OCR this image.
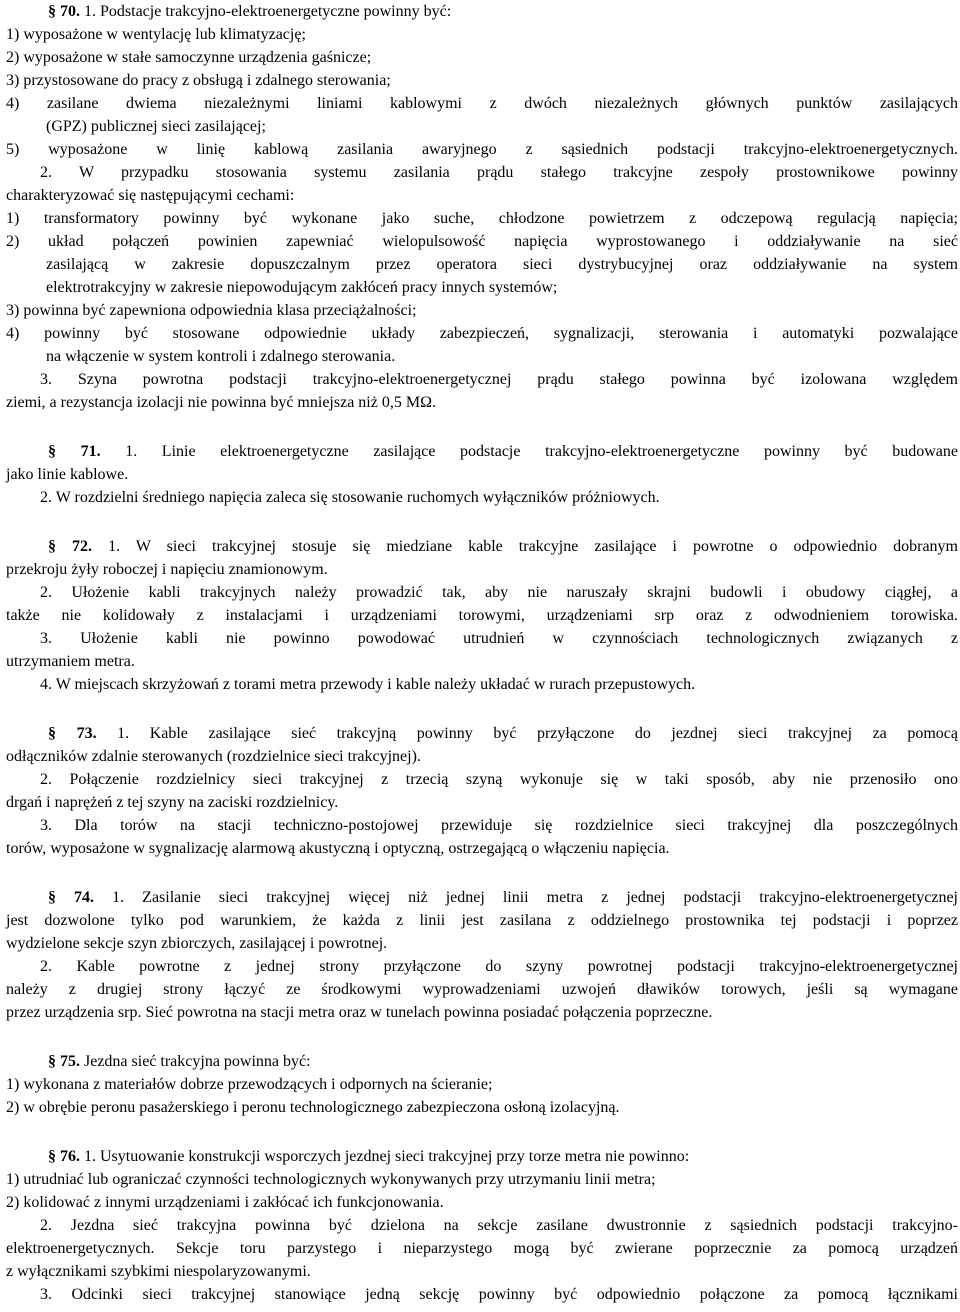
§ 70. 1. Podstacje trakcyjno-elektroenergetyczne powinny być:
1) wyposażone w wentylację lub klimatyzację;
2) wyposażone w stałe samoczynne urządzenia gaśnicze;
3) przystosowane do pracy z obsługą i zdalnego sterowania;
4) zasilane dwiema niezależnymi liniami kablowymi z dwóch niezależnych głównych punktów zasilających
(GPZ) publicznej sieci zasilającej;
5) wyposażone w linię kablową zasilania awaryjnego z sąsiednich podstacji trakcyjno-elektroenergetycznych.
2. W przypadku stosowania systemu zasilania prądu stałego trakcyjne zespoły prostownikowe powinny
charakteryzować się następującymi cechami:
1) transformatory powinny być wykonane jako suche, chłodzone powietrzem z odczepową regulacją napięcia;
2) układ połączeń powinien zapewniać wielopulsowość napięcia wyprostowanego i oddziaływanie na sieć
zasilającą w zakresie dopuszczalnym przez operatora sieci dystrybucyjnej oraz oddziaływanie na system
elektrotrakcyjny w zakresie niepowodującym zakłóceń pracy innych systemów;
3) powinna być zapewniona odpowiednia klasa przeciążalności;
4) powinny być stosowane odpowiednie układy zabezpieczeń, sygnalizacji, sterowania i automatyki pozwalające
na włączenie w system kontroli i zdalnego sterowania.
3. Szyna powrotna podstacji trakcyjno-elektroenergetycznej prądu stałego powinna być izolowana względem
ziemi, a rezystancja izolacji nie powinna być mniejsza niż 0,5 MΩ.
§ 71. 1. Linie elektroenergetyczne zasilające podstacje trakcyjno-elektroenergetyczne powinny być budowane
jako linie kablowe.
2. W rozdzielni średniego napięcia zaleca się stosowanie ruchomych wyłączników próżniowych.
§ 72. 1. W sieci trakcyjnej stosuje się miedziane kable trakcyjne zasilające i powrotne o odpowiednio dobranym
przekroju żyły roboczej i napięciu znamionowym.
2. Ułożenie kabli trakcyjnych należy prowadzić tak, aby nie naruszały skrajni budowli i obudowy ciągłej, a
także nie kolidowały z instalacjami i urządzeniami torowymi, urządzeniami srp oraz z odwodnieniem torowiska.
3. Ułożenie kabli nie powinno powodować utrudnień w czynnościach technologicznych związanych z
utrzymaniem metra.
4. W miejscach skrzyżowań z torami metra przewody i kable należy układać w rurach przepustowych.
§ 73. 1. Kable zasilające sieć trakcyjną powinny być przyłączone do jezdnej sieci trakcyjnej za pomocą
odłączników zdalnie sterowanych (rozdzielnice sieci trakcyjnej).
2. Połączenie rozdzielnicy sieci trakcyjnej z trzecią szyną wykonuje się w taki sposób, aby nie przenosiło ono
drgań i naprężeń z tej szyny na zaciski rozdzielnicy.
3. Dla torów na stacji techniczno-postojowej przewiduje się rozdzielnice sieci trakcyjnej dla poszczególnych
torów, wyposażone w sygnalizację alarmową akustyczną i optyczną, ostrzegającą o włączeniu napięcia.
§ 74. 1. Zasilanie sieci trakcyjnej więcej niż jednej linii metra z jednej podstacji trakcyjno-elektroenergetycznej
jest dozwolone tylko pod warunkiem, że każda z linii jest zasilana z oddzielnego prostownika tej podstacji i poprzez
wydzielone sekcje szyn zbiorczych, zasilającej i powrotnej.
2. Kable powrotne z jednej strony przyłączone do szyny powrotnej podstacji trakcyjno-elektroenergetycznej
należy z drugiej strony łączyć ze środkowymi wyprowadzeniami uzwojeń dławików torowych, jeśli są wymagane
przez urządzenia srp. Sieć powrotna na stacji metra oraz w tunelach powinna posiadać połączenia poprzeczne.
§ 75. Jezdna sieć trakcyjna powinna być:
1) wykonana z materiałów dobrze przewodzących i odpornych na ścieranie;
2) w obrębie peronu pasażerskiego i peronu technologicznego zabezpieczona osłoną izolacyjną.
§ 76. 1. Usytuowanie konstrukcji wsporczych jezdnej sieci trakcyjnej przy torze metra nie powinno:
1) utrudniać lub ograniczać czynności technologicznych wykonywanych przy utrzymaniu linii metra;
2) kolidować z innymi urządzeniami i zakłócać ich funkcjonowania.
2. Jezdna sieć trakcyjna powinna być dzielona na sekcje zasilane dwustronnie z sąsiednich podstacji trakcyjno-
elektroenergetycznych. Sekcje toru parzystego i nieparzystego mogą być zwierane poprzecznie za pomocą urządzeń
z wyłącznikami szybkimi niespolaryzowanymi.
3. Odcinki sieci trakcyjnej stanowiące jedną sekcję powinny być odpowiednio połączone za pomocą łącznikami
